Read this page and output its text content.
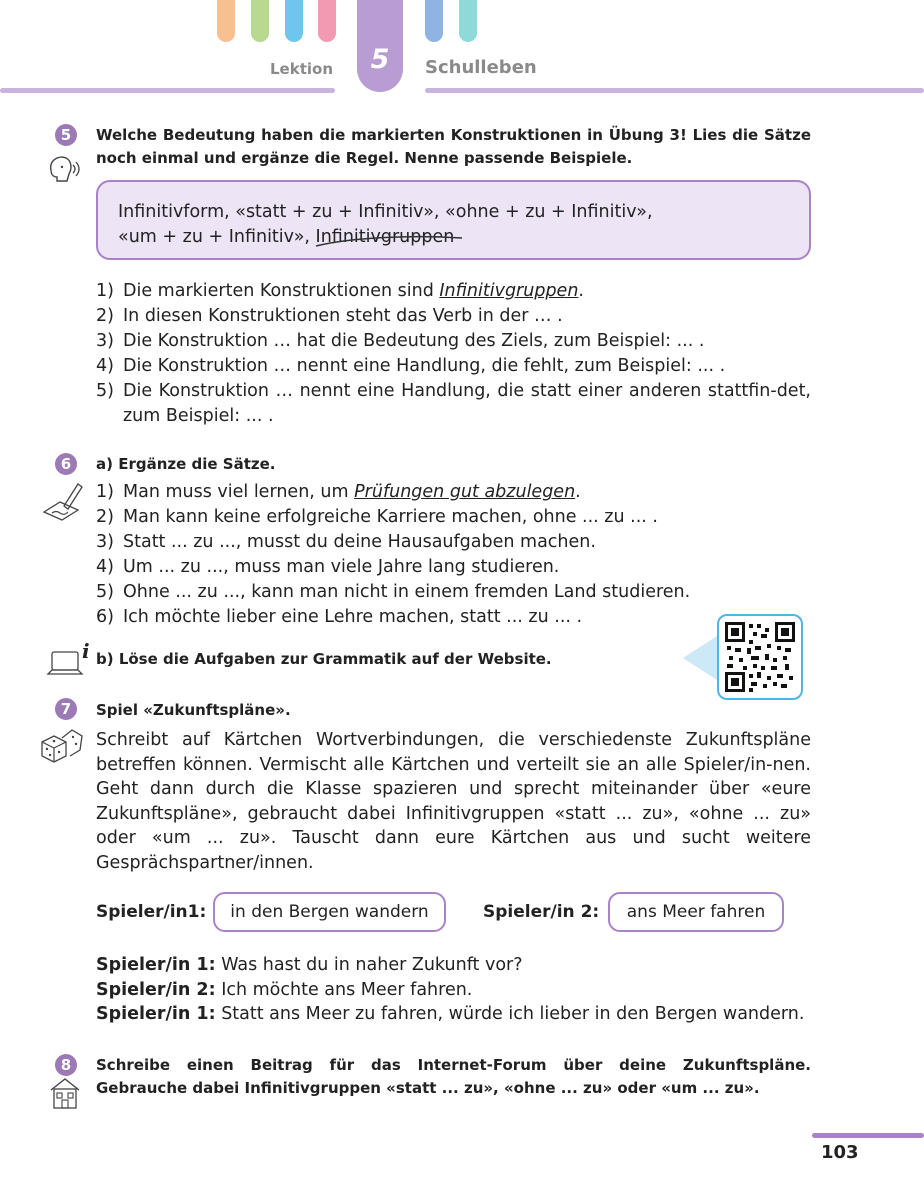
5
Lektion	Schulleben
5	Welche Bedeutung haben die markierten Konstruktionen in Übung 3! Lies die Sätze noch einmal und ergänze die Regel. Nenne passende Beispiele.
Infinitivform, «statt + zu + Infinitiv», «ohne + zu + Infinitiv»,
«um + zu + Infinitiv», Infinitivgruppen
1) Die markierten Konstruktionen sind Infinitivgruppen.
2) In diesen Konstruktionen steht das Verb in der … .
3) Die Konstruktion … hat die Bedeutung des Ziels, zum Beispiel: ... .
4) Die Konstruktion … nennt eine Handlung, die fehlt, zum Beispiel: ... .
5) Die Konstruktion … nennt eine Handlung, die statt einer anderen stattfin-det, zum Beispiel: ... .
6	a) Ergänze die Sätze.
1) Man muss viel lernen, um Prüfungen gut abzulegen.
2) Man kann keine erfolgreiche Karriere machen, ohne ... zu ... .
3) Statt ... zu ..., musst du deine Hausaufgaben machen.
4) Um ... zu ..., muss man viele Jahre lang studieren.
5) Ohne ... zu ..., kann man nicht in einem fremden Land studieren.
6) Ich möchte lieber eine Lehre machen, statt ... zu ... .
i b) Löse die Aufgaben zur Grammatik auf der Website.
7	Spiel «Zukunftspläne».
Schreibt auf Kärtchen Wortverbindungen, die verschiedenste Zukunftspläne betreffen können. Vermischt alle Kärtchen und verteilt sie an alle Spieler/in-nen. Geht dann durch die Klasse spazieren und sprecht miteinander über «eure Zukunftspläne», gebraucht dabei Infinitivgruppen «statt ... zu», «ohne ... zu» oder «um ... zu». Tauscht dann eure Kärtchen aus und sucht weitere Gesprächspartner/innen.
Spieler/in1:	in den Bergen wandern	Spieler/in 2:	ans Meer fahren
Spieler/in 1: Was hast du in naher Zukunft vor?
Spieler/in 2: Ich möchte ans Meer fahren.
Spieler/in 1: Statt ans Meer zu fahren, würde ich lieber in den Bergen wandern.
8	Schreibe einen Beitrag für das Internet-Forum über deine Zukunftspläne. Gebrauche dabei Infinitivgruppen «statt ... zu», «ohne ... zu» oder «um ... zu».
103
